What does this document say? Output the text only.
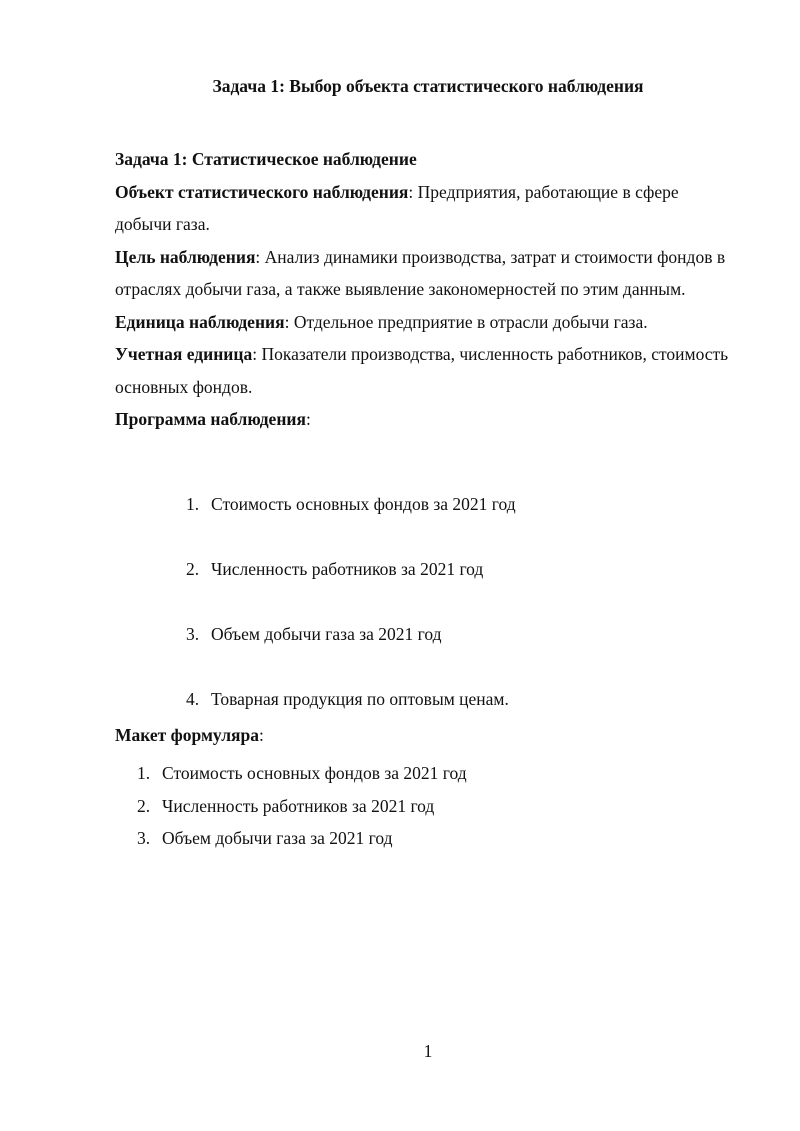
Задача 1: Выбор объекта статистического наблюдения

Задача 1: Статистическое наблюдение

Объект статистического наблюдения: Предприятия, работающие в сфере добычи газа.

Цель наблюдения: Анализ динамики производства, затрат и стоимости фондов в отраслях добычи газа, а также выявление закономерностей по этим данным.

Единица наблюдения: Отдельное предприятие в отрасли добычи газа.

Учетная единица: Показатели производства, численность работников, стоимость основных фондов.

Программа наблюдения:

1. Стоимость основных фондов за 2021 год
2. Численность работников за 2021 год
3. Объем добычи газа за 2021 год
4. Товарная продукция по оптовым ценам.
Макет формуляра:
1. Стоимость основных фондов за 2021 год
2. Численность работников за 2021 год
3. Объем добычи газа за 2021 год
1
